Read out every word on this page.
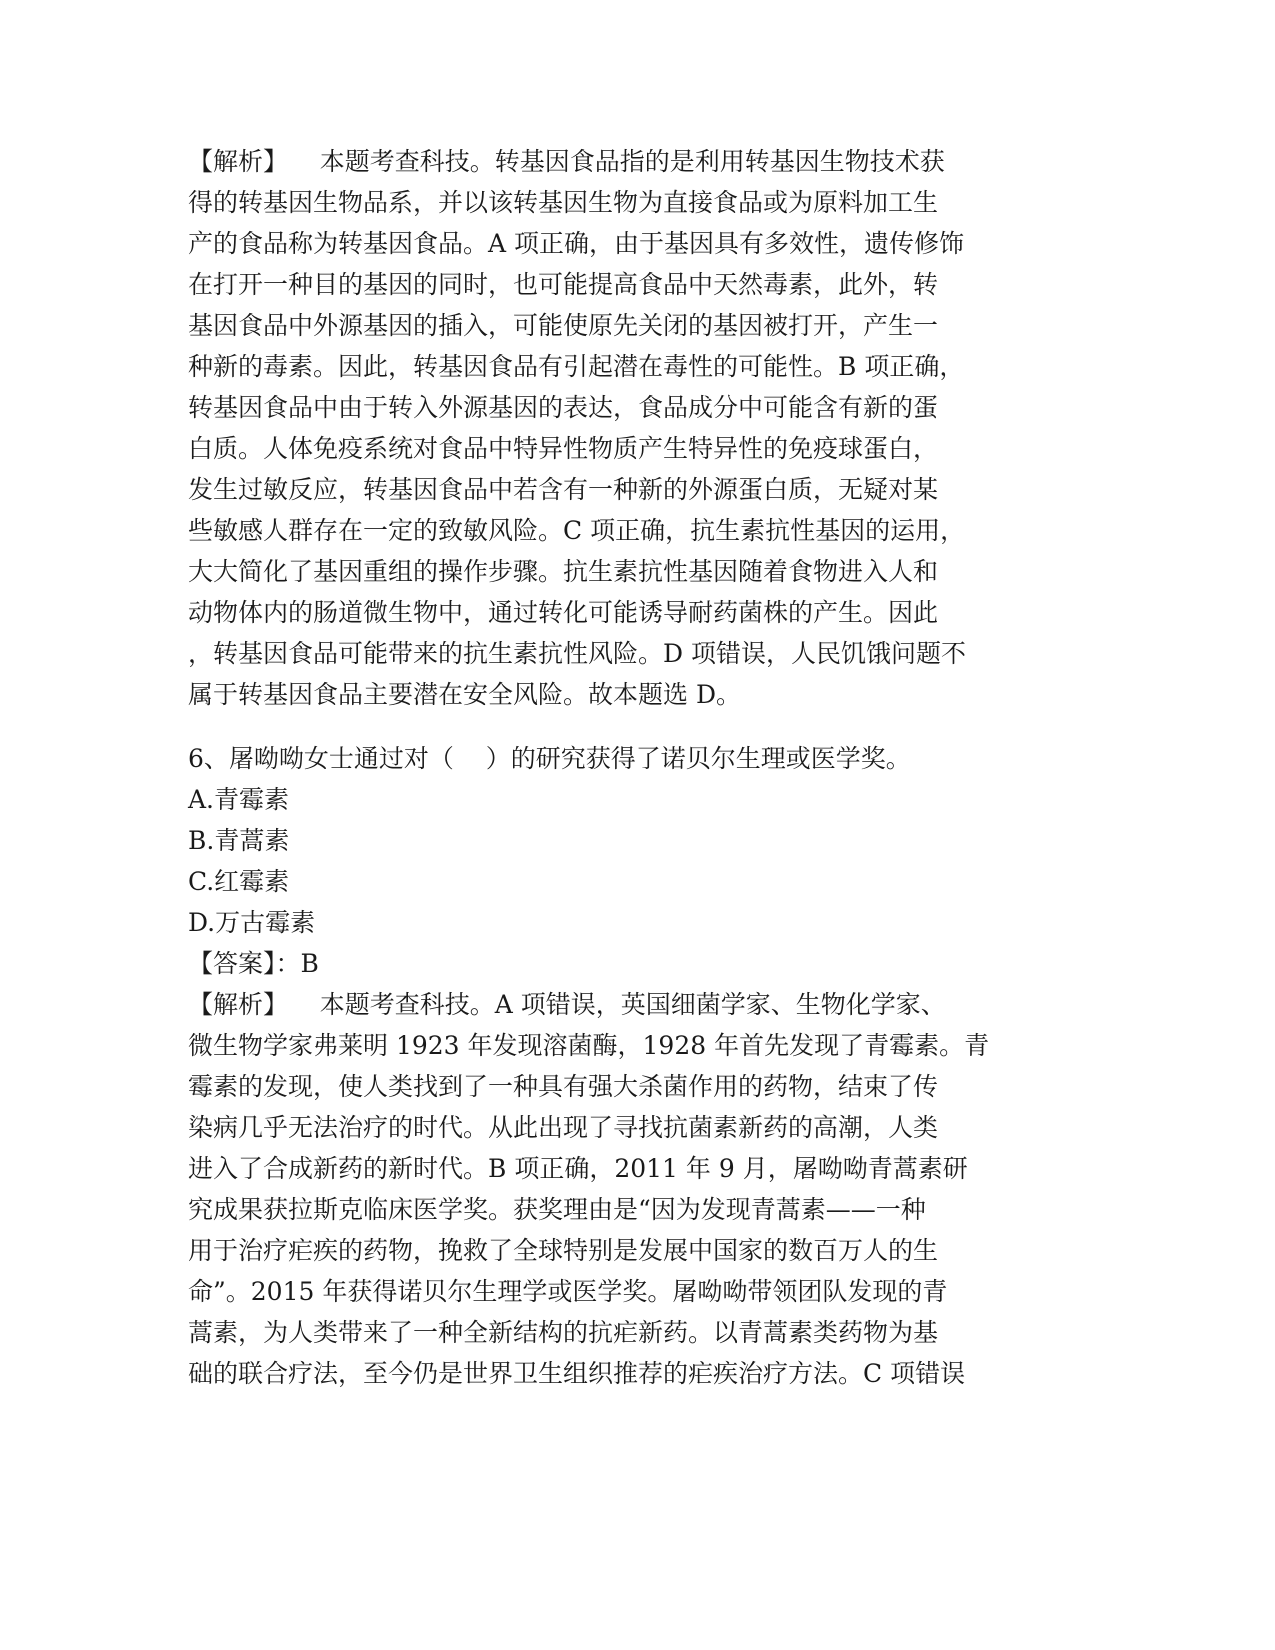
【解析】    本题考查科技。转基因食品指的是利用转基因生物技术获
得的转基因生物品系，并以该转基因生物为直接食品或为原料加工生
产的食品称为转基因食品。A 项正确，由于基因具有多效性，遗传修饰
在打开一种目的基因的同时，也可能提高食品中天然毒素，此外，转
基因食品中外源基因的插入，可能使原先关闭的基因被打开，产生一
种新的毒素。因此，转基因食品有引起潜在毒性的可能性。B 项正确，
转基因食品中由于转入外源基因的表达，食品成分中可能含有新的蛋
白质。人体免疫系统对食品中特异性物质产生特异性的免疫球蛋白，
发生过敏反应，转基因食品中若含有一种新的外源蛋白质，无疑对某
些敏感人群存在一定的致敏风险。C 项正确，抗生素抗性基因的运用，
大大简化了基因重组的操作步骤。抗生素抗性基因随着食物进入人和
动物体内的肠道微生物中，通过转化可能诱导耐药菌株的产生。因此
，转基因食品可能带来的抗生素抗性风险。D 项错误，人民饥饿问题不
属于转基因食品主要潜在安全风险。故本题选 D。
6、屠呦呦女士通过对（    ）的研究获得了诺贝尔生理或医学奖。
A.青霉素
B.青蒿素
C.红霉素
D.万古霉素
【答案】：B
【解析】    本题考查科技。A 项错误，英国细菌学家、生物化学家、
微生物学家弗莱明 1923 年发现溶菌酶，1928 年首先发现了青霉素。青
霉素的发现，使人类找到了一种具有强大杀菌作用的药物，结束了传
染病几乎无法治疗的时代。从此出现了寻找抗菌素新药的高潮，人类
进入了合成新药的新时代。B 项正确，2011 年 9 月，屠呦呦青蒿素研
究成果获拉斯克临床医学奖。获奖理由是“因为发现青蒿素——一种
用于治疗疟疾的药物，挽救了全球特别是发展中国家的数百万人的生
命”。2015 年获得诺贝尔生理学或医学奖。屠呦呦带领团队发现的青
蒿素，为人类带来了一种全新结构的抗疟新药。以青蒿素类药物为基
础的联合疗法，至今仍是世界卫生组织推荐的疟疾治疗方法。C 项错误
